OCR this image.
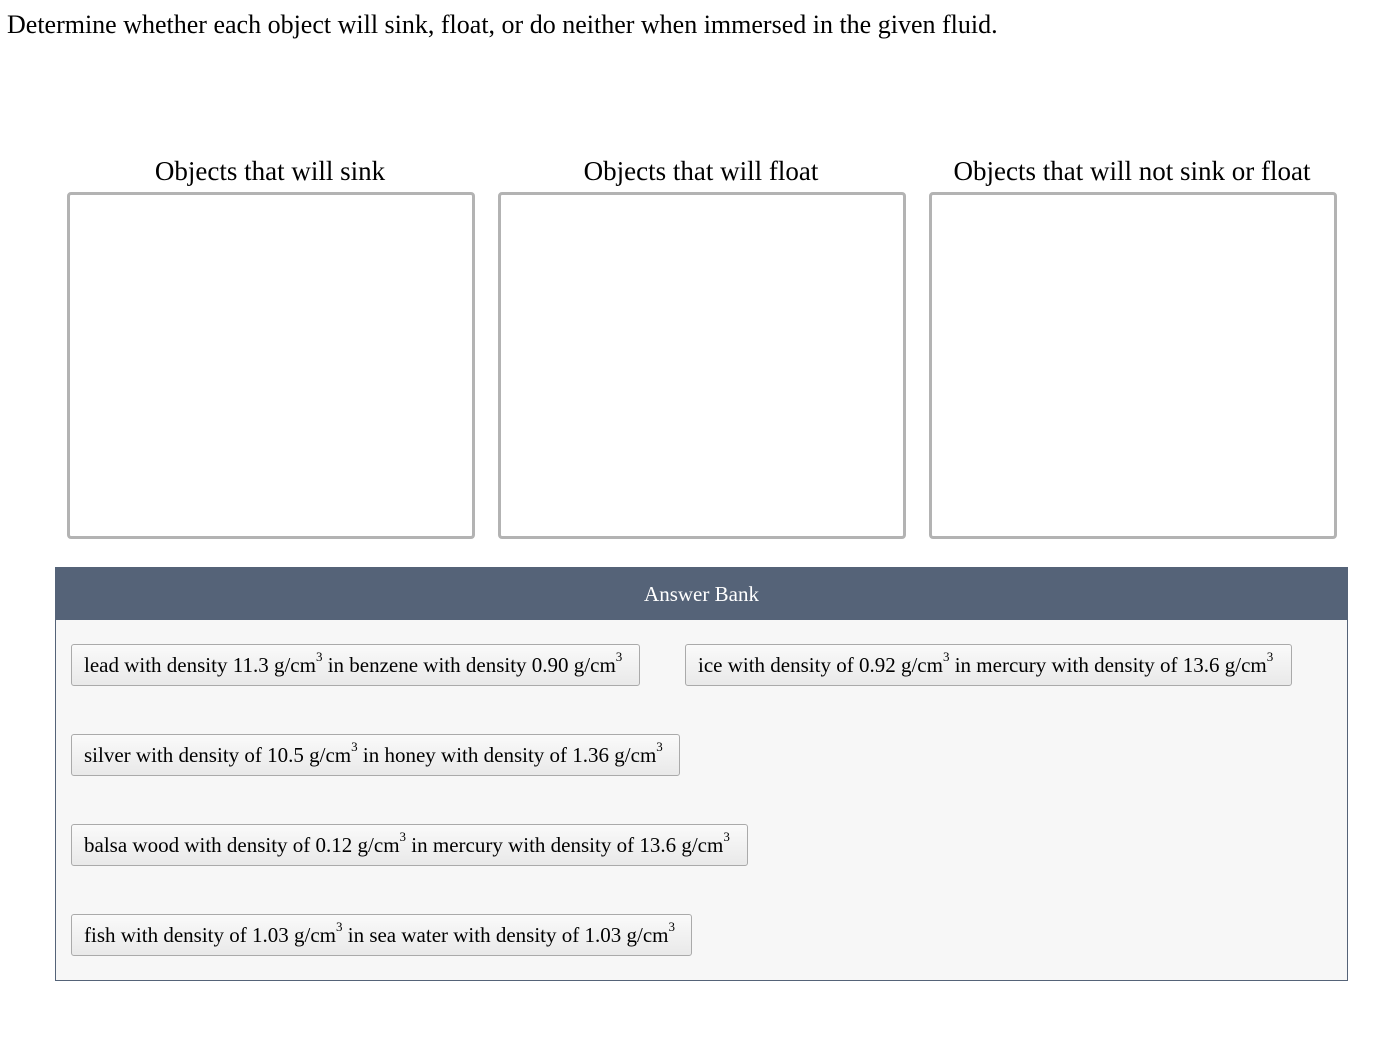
Determine whether each object will sink, float, or do neither when immersed in the given fluid.
Objects that will sink	Objects that will float	Objects that will not sink or float
Answer Bank
lead with density 11.3 $g/cm^3$ in benzene with density 0.90 $g/cm^3$	ice with density of 0.92 $g/cm^3$ in mercury with density of 13.6 $g/cm^3$
silver with density of 10.5 $g/cm^3$ in honey with density of 1.36 $g/cm^3$
balsa wood with density of 0.12 $g/cm^3$ in mercury with density of 13.6 $g/cm^3$
fish with density of 1.03 $g/cm^3$ in sea water with density of 1.03 $g/cm^3$
